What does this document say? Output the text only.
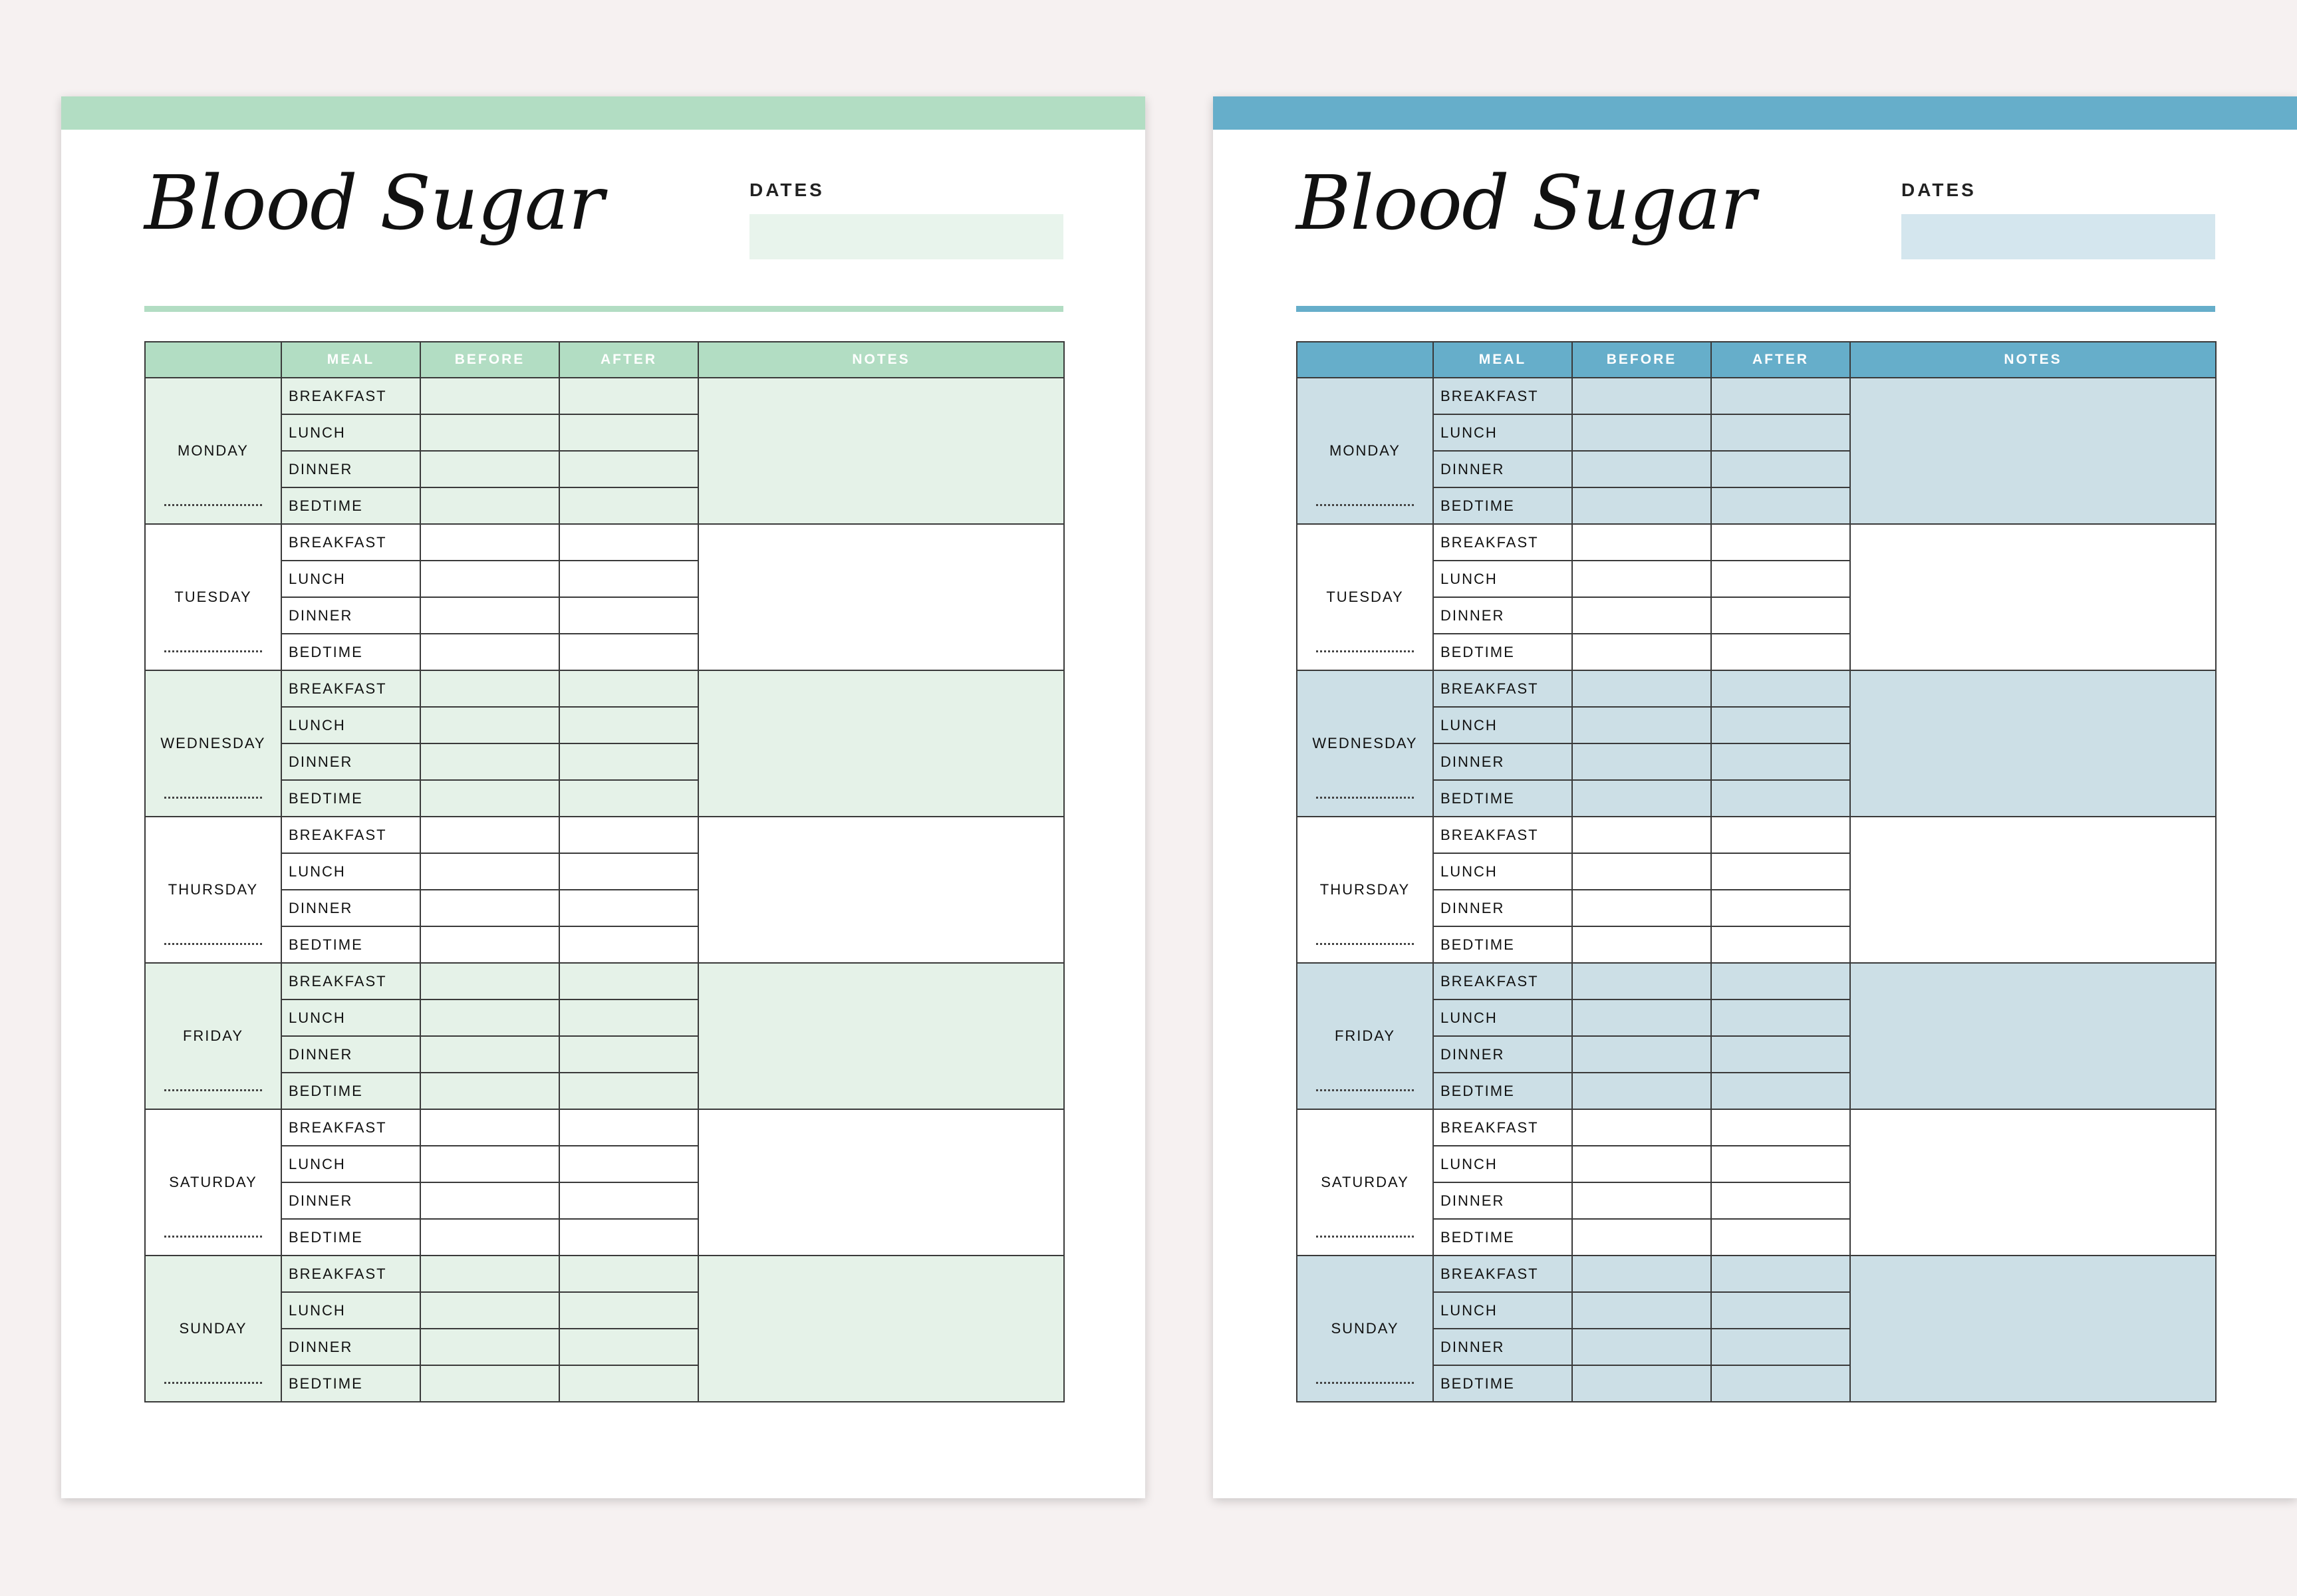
Blood Sugar	DATES
	MEAL	BEFORE	AFTER	NOTES

MONDAY	BREAKFAST			
	LUNCH			
	DINNER			
	BEDTIME			

TUESDAY	BREAKFAST			
	LUNCH			
	DINNER			
	BEDTIME			

WEDNESDAY	BREAKFAST			
	LUNCH			
	DINNER			
	BEDTIME			

THURSDAY	BREAKFAST			
	LUNCH			
	DINNER			
	BEDTIME			

FRIDAY	BREAKFAST			
	LUNCH			
	DINNER			
	BEDTIME			

SATURDAY	BREAKFAST			
	LUNCH			
	DINNER			
	BEDTIME			

SUNDAY	BREAKFAST			
	LUNCH			
	DINNER			
	BEDTIME			
Blood Sugar	DATES
	MEAL	BEFORE	AFTER	NOTES

MONDAY	BREAKFAST			
	LUNCH			
	DINNER			
	BEDTIME			

TUESDAY	BREAKFAST			
	LUNCH			
	DINNER			
	BEDTIME			

WEDNESDAY	BREAKFAST			
	LUNCH			
	DINNER			
	BEDTIME			

THURSDAY	BREAKFAST			
	LUNCH			
	DINNER			
	BEDTIME			

FRIDAY	BREAKFAST			
	LUNCH			
	DINNER			
	BEDTIME			

SATURDAY	BREAKFAST			
	LUNCH			
	DINNER			
	BEDTIME			

SUNDAY	BREAKFAST			
	LUNCH			
	DINNER			
	BEDTIME			
